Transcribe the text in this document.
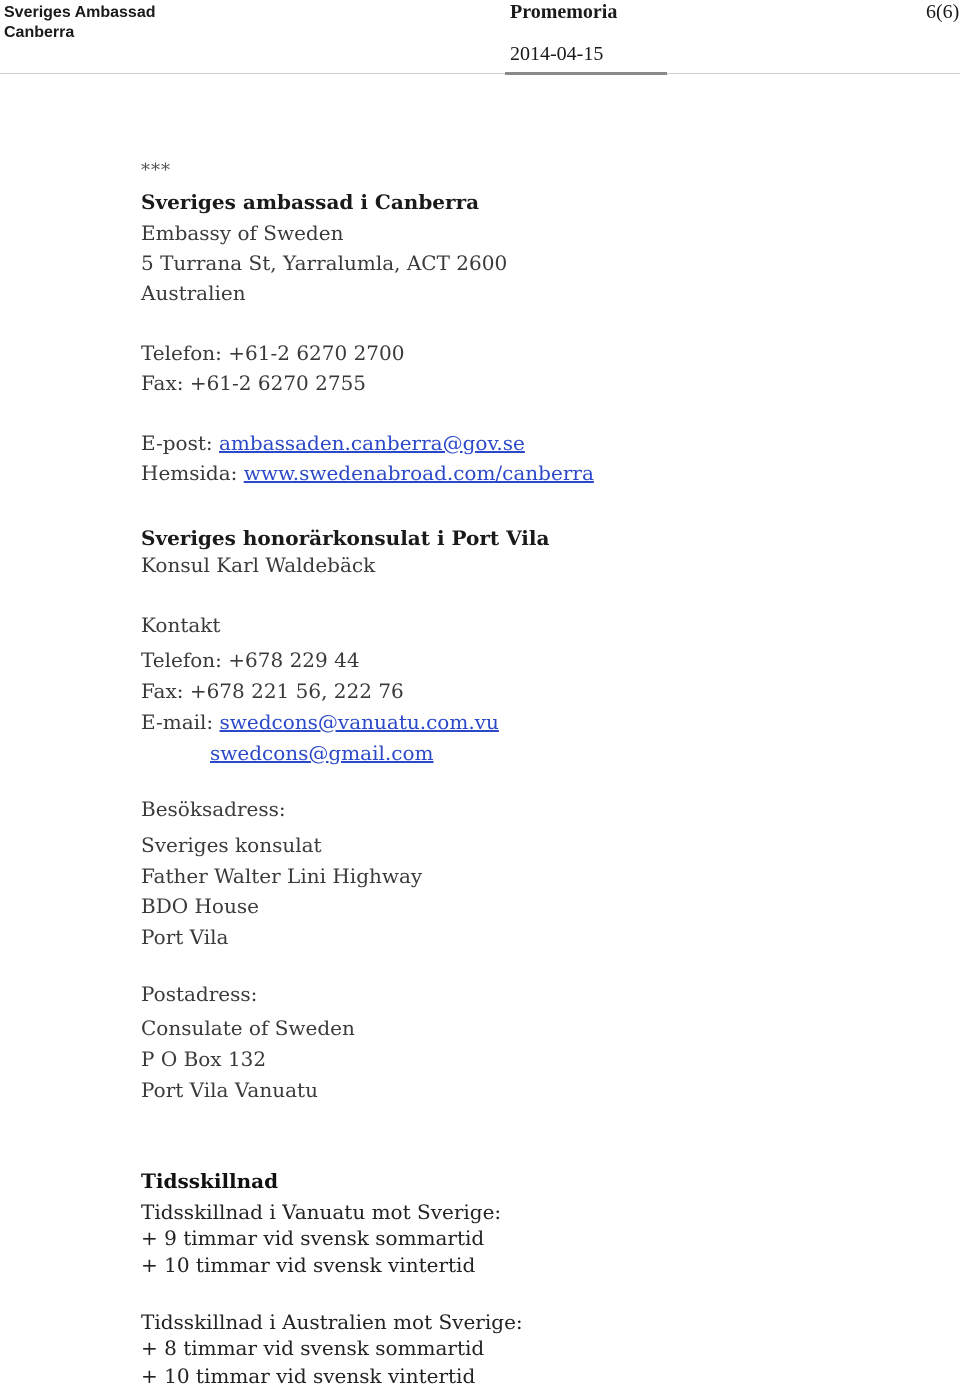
Sveriges Ambassad
Canberra
Promemoria	6(6)
2014-04-15
***
Sveriges ambassad i Canberra
Embassy of Sweden
5 Turrana St, Yarralumla, ACT 2600
Australien
Telefon: +61-2 6270 2700
Fax: +61-2 6270 2755
E-post: ambassaden.canberra@gov.se
Hemsida: www.swedenabroad.com/canberra
Sveriges honorärkonsulat i Port Vila
Konsul Karl Waldebäck
Kontakt
Telefon: +678 229 44
Fax: +678 221 56, 222 76
E-mail: swedcons@vanuatu.com.vu
swedcons@gmail.com
Besöksadress:
Sveriges konsulat
Father Walter Lini Highway
BDO House
Port Vila
Postadress:
Consulate of Sweden
P O Box 132
Port Vila Vanuatu
Tidsskillnad
Tidsskillnad i Vanuatu mot Sverige:
+ 9 timmar vid svensk sommartid
+ 10 timmar vid svensk vintertid
Tidsskillnad i Australien mot Sverige:
+ 8 timmar vid svensk sommartid
+ 10 timmar vid svensk vintertid
